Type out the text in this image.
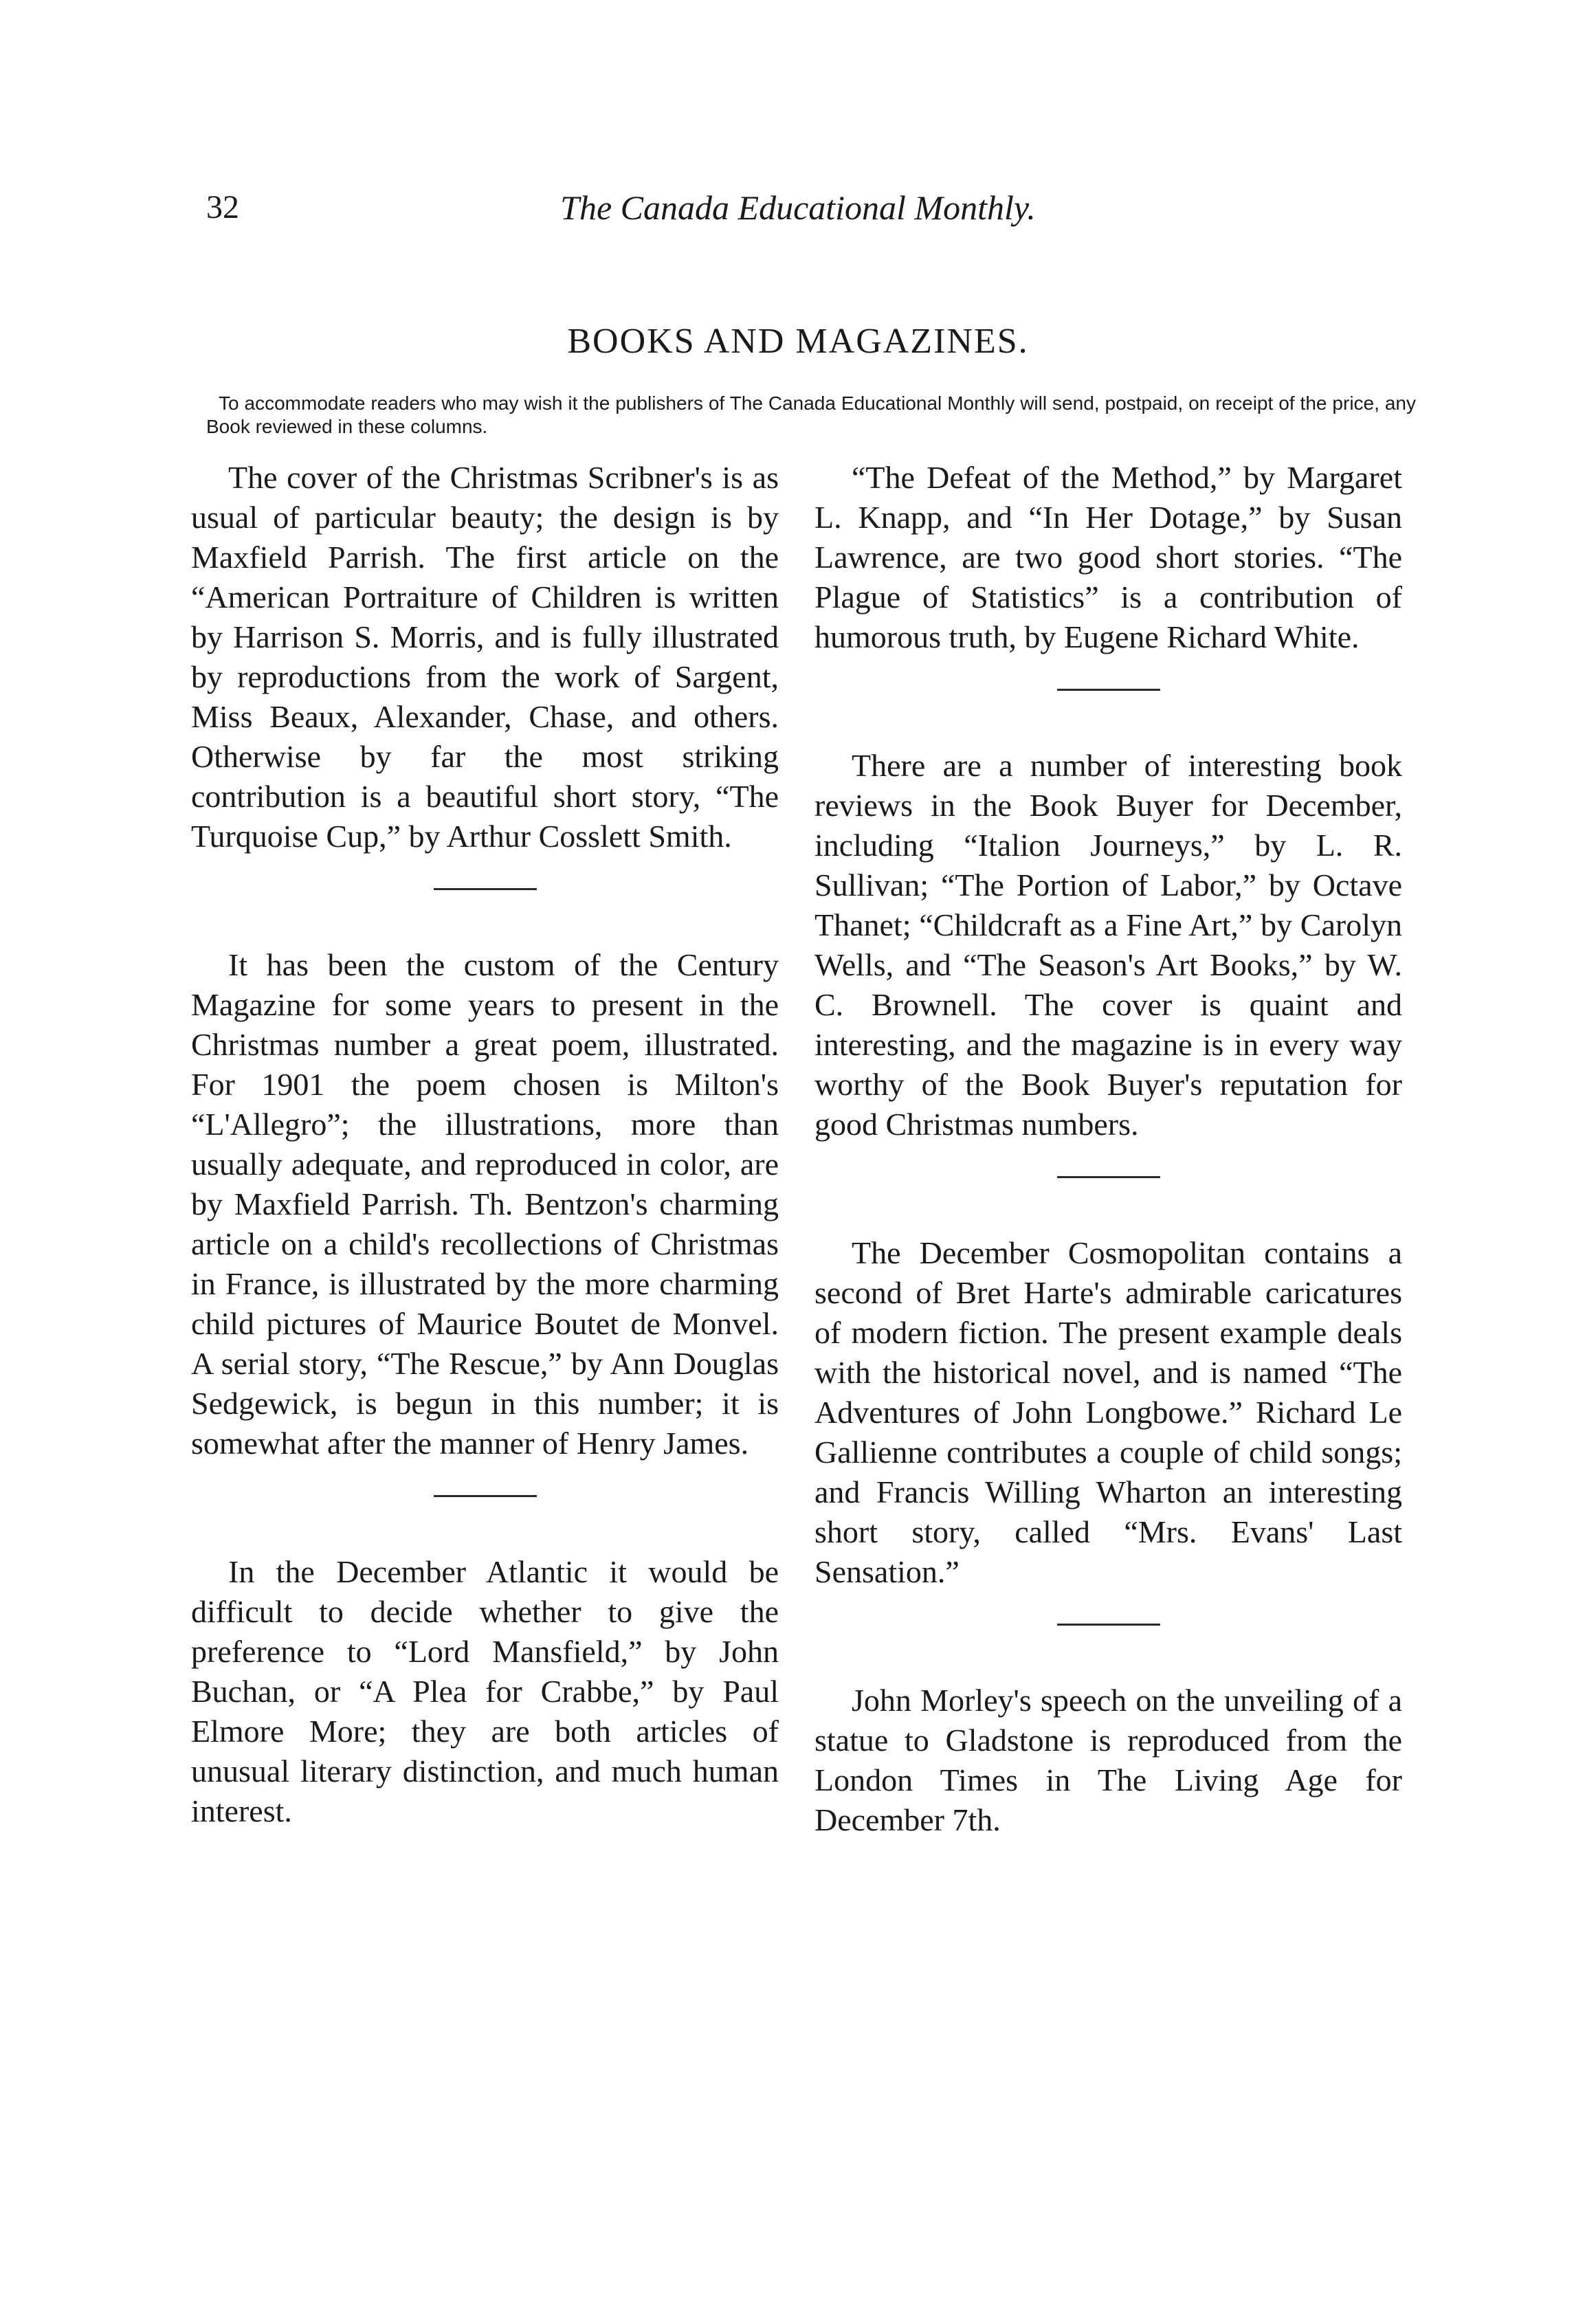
32	The Canada Educational Monthly.
BOOKS AND MAGAZINES.
To accommodate readers who may wish it the publishers of The Canada Educational Monthly will send, postpaid, on receipt of the price, any Book reviewed in these columns.

The cover of the Christmas Scribner's is as usual of particular beauty; the design is by Maxfield Parrish. The first article on the “American Portraiture of Children is written by Harrison S. Morris, and is fully illustrated by reproductions from the work of Sargent, Miss Beaux, Alexander, Chase, and others. Otherwise by far the most striking contribution is a beautiful short story, “The Turquoise Cup,” by Arthur Cosslett Smith.

It has been the custom of the Century Magazine for some years to present in the Christmas number a great poem, illustrated. For 1901 the poem chosen is Milton's “L'Allegro”; the illustrations, more than usually adequate, and reproduced in color, are by Maxfield Parrish. Th. Bentzon's charming article on a child's recollections of Christmas in France, is illustrated by the more charming child pictures of Maurice Boutet de Monvel. A serial story, “The Rescue,” by Ann Douglas Sedgewick, is begun in this number; it is somewhat after the manner of Henry James.

In the December Atlantic it would be difficult to decide whether to give the preference to “Lord Mansfield,” by John Buchan, or “A Plea for Crabbe,” by Paul Elmore More; they are both articles of unusual literary distinction, and much human interest.

“The Defeat of the Method,” by Margaret L. Knapp, and “In Her Dotage,” by Susan Lawrence, are two good short stories. “The Plague of Statistics” is a contribution of humorous truth, by Eugene Richard White.

There are a number of interesting book reviews in the Book Buyer for December, including “Italion Journeys,” by L. R. Sullivan; “The Portion of Labor,” by Octave Thanet; “Childcraft as a Fine Art,” by Carolyn Wells, and “The Season's Art Books,” by W. C. Brownell. The cover is quaint and interesting, and the magazine is in every way worthy of the Book Buyer's reputation for good Christmas numbers.

The December Cosmopolitan contains a second of Bret Harte's admirable caricatures of modern fiction. The present example deals with the historical novel, and is named “The Adventures of John Longbowe.” Richard Le Gallienne contributes a couple of child songs; and Francis Willing Wharton an interesting short story, called “Mrs. Evans' Last Sensation.”

John Morley's speech on the unveiling of a statue to Gladstone is reproduced from the London Times in The Living Age for December 7th.
